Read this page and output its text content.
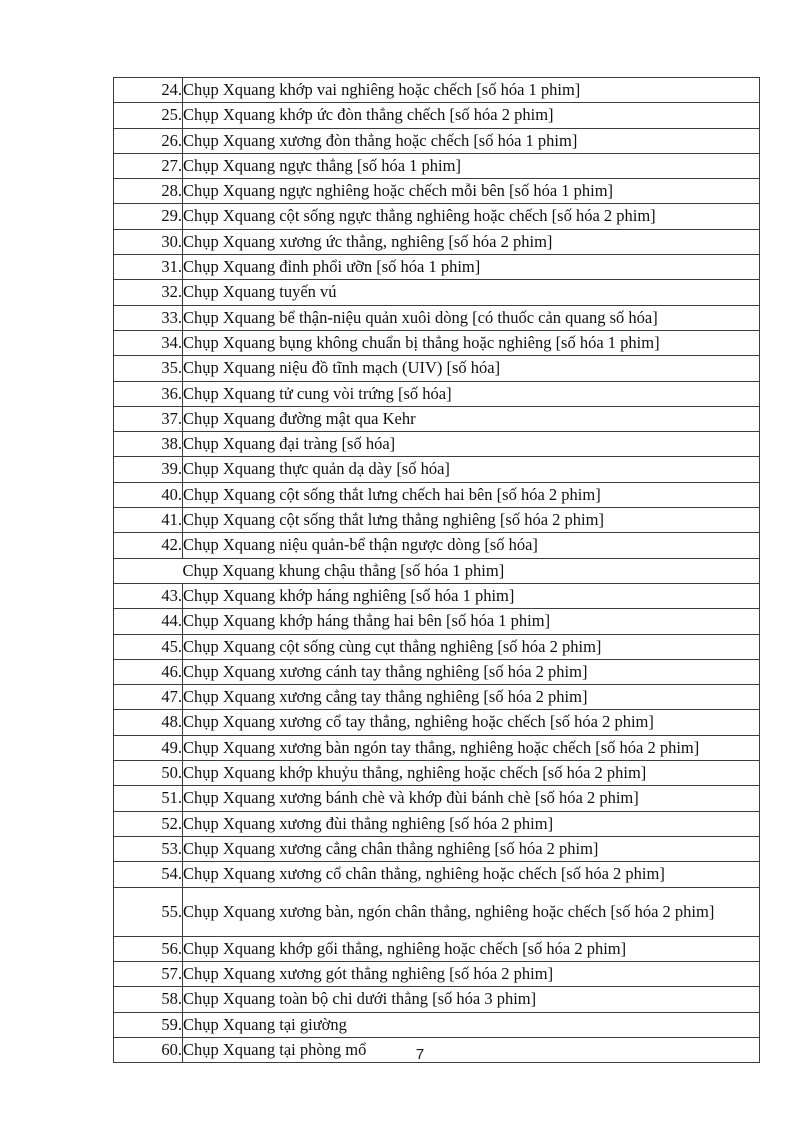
24.	Chụp Xquang khớp vai nghiêng hoặc chếch [số hóa 1 phim]
25.	Chụp Xquang khớp ức đòn thẳng chếch [số hóa 2 phim]
26.	Chụp Xquang xương đòn thẳng hoặc chếch [số hóa 1 phim]
27.	Chụp Xquang ngực thẳng [số hóa 1 phim]
28.	Chụp Xquang ngực nghiêng hoặc chếch mỗi bên [số hóa 1 phim]
29.	Chụp Xquang cột sống ngực thẳng nghiêng hoặc chếch [số hóa 2 phim]
30.	Chụp Xquang xương ức thẳng, nghiêng [số hóa 2 phim]
31.	Chụp Xquang đỉnh phổi ưỡn [số hóa 1 phim]
32.	Chụp Xquang tuyến vú
33.	Chụp Xquang bể thận-niệu quản xuôi dòng [có thuốc cản quang số hóa]
34.	Chụp Xquang bụng không chuẩn bị thẳng hoặc nghiêng [số hóa 1 phim]
35.	Chụp Xquang niệu đồ tĩnh mạch (UIV) [số hóa]
36.	Chụp Xquang tử cung vòi trứng [số hóa]
37.	Chụp Xquang đường mật qua Kehr
38.	Chụp Xquang đại tràng [số hóa]
39.	Chụp Xquang thực quản dạ dày [số hóa]
40.	Chụp Xquang cột sống thắt lưng chếch hai bên [số hóa 2 phim]
41.	Chụp Xquang cột sống thắt lưng thẳng nghiêng [số hóa 2 phim]
42.	Chụp Xquang niệu quản-bể thận ngược dòng [số hóa]
	Chụp Xquang khung chậu thẳng [số hóa 1 phim]
43.	Chụp Xquang khớp háng nghiêng [số hóa 1 phim]
44.	Chụp Xquang khớp háng thẳng hai bên [số hóa 1 phim]
45.	Chụp Xquang cột sống cùng cụt thẳng nghiêng [số hóa 2 phim]
46.	Chụp Xquang xương cánh tay thẳng nghiêng [số hóa 2 phim]
47.	Chụp Xquang xương cẳng tay thẳng nghiêng [số hóa 2 phim]
48.	Chụp Xquang xương cổ tay thẳng, nghiêng hoặc chếch [số hóa 2 phim]
49.	Chụp Xquang xương bàn ngón tay thẳng, nghiêng hoặc chếch [số hóa 2 phim]
50.	Chụp Xquang khớp khuỷu thẳng, nghiêng hoặc chếch [số hóa 2 phim]
51.	Chụp Xquang xương bánh chè và khớp đùi bánh chè [số hóa 2 phim]
52.	Chụp Xquang xương đùi thẳng nghiêng [số hóa 2 phim]
53.	Chụp Xquang xương cẳng chân thẳng nghiêng [số hóa 2 phim]
54.	Chụp Xquang xương cổ chân thẳng, nghiêng hoặc chếch [số hóa 2 phim]
55.	Chụp Xquang xương bàn, ngón chân thẳng, nghiêng hoặc chếch [số hóa 2 phim]
56.	Chụp Xquang khớp gối thẳng, nghiêng hoặc chếch [số hóa 2 phim]
57.	Chụp Xquang xương gót thẳng nghiêng [số hóa 2 phim]
58.	Chụp Xquang toàn bộ chi dưới thẳng [số hóa 3 phim]
59.	Chụp Xquang tại giường
60.	Chụp Xquang tại phòng mổ	7
